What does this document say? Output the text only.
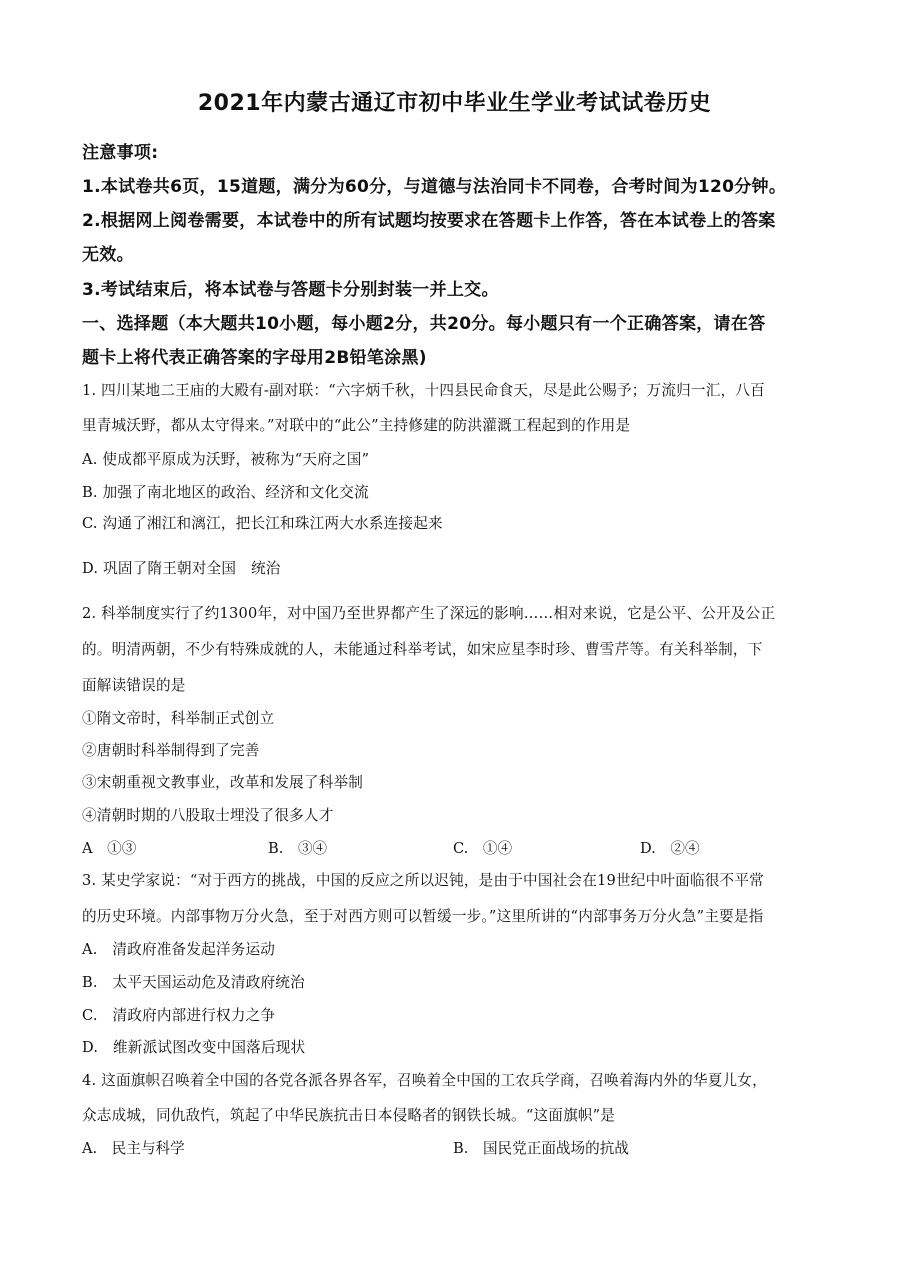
2021年内蒙古通辽市初中毕业生学业考试试卷历史
注意事项:
1.本试卷共6页，15道题，满分为60分，与道德与法治同卡不同卷，合考时间为120分钟。
2.根据网上阅卷需要，本试卷中的所有试题均按要求在答题卡上作答，答在本试卷上的答案
无效。
3.考试结束后，将本试卷与答题卡分别封装一并上交。
一、选择题（本大题共10小题，每小题2分，共20分。每小题只有一个正确答案，请在答
题卡上将代表正确答案的字母用2B铅笔涂黑)
1. 四川某地二王庙的大殿有-副对联：“六字炳千秋，十四县民命食天，尽是此公赐予；万流归一汇，八百
里青城沃野，都从太守得来。”对联中的“此公”主持修建的防洪灌溉工程起到的作用是
A. 使成都平原成为沃野，被称为“天府之国”
B. 加强了南北地区的政治、经济和文化交流
C. 沟通了湘江和漓江，把长江和珠江两大水系连接起来
D. 巩固了隋王朝对全国　统治
2. 科举制度实行了约1300年，对中国乃至世界都产生了深远的影响……相对来说，它是公平、公开及公正
的。明清两朝，不少有特殊成就的人，未能通过科举考试，如宋应星李时珍、曹雪芹等。有关科举制，下
面解读错误的是
①隋文帝时，科举制正式创立
②唐朝时科举制得到了完善
③宋朝重视文教事业，改革和发展了科举制
④清朝时期的八股取士埋没了很多人才
A　①③	B.　③④	C.　①④	D.　②④
3. 某史学家说：“对于西方的挑战，中国的反应之所以迟钝，是由于中国社会在19世纪中叶面临很不平常
的历史环境。内部事物万分火急，至于对西方则可以暂缓一步。”这里所讲的“内部事务万分火急”主要是指
A.　清政府准备发起洋务运动
B.　太平天国运动危及清政府统治
C.　清政府内部进行权力之争
D.　维新派试图改变中国落后现状
4. 这面旗帜召唤着全中国的各党各派各界各军，召唤着全中国的工农兵学商，召唤着海内外的华夏儿女，
众志成城，同仇敌忾，筑起了中华民族抗击日本侵略者的钢铁长城。“这面旗帜”是
A.　民主与科学	B.　国民党正面战场的抗战
